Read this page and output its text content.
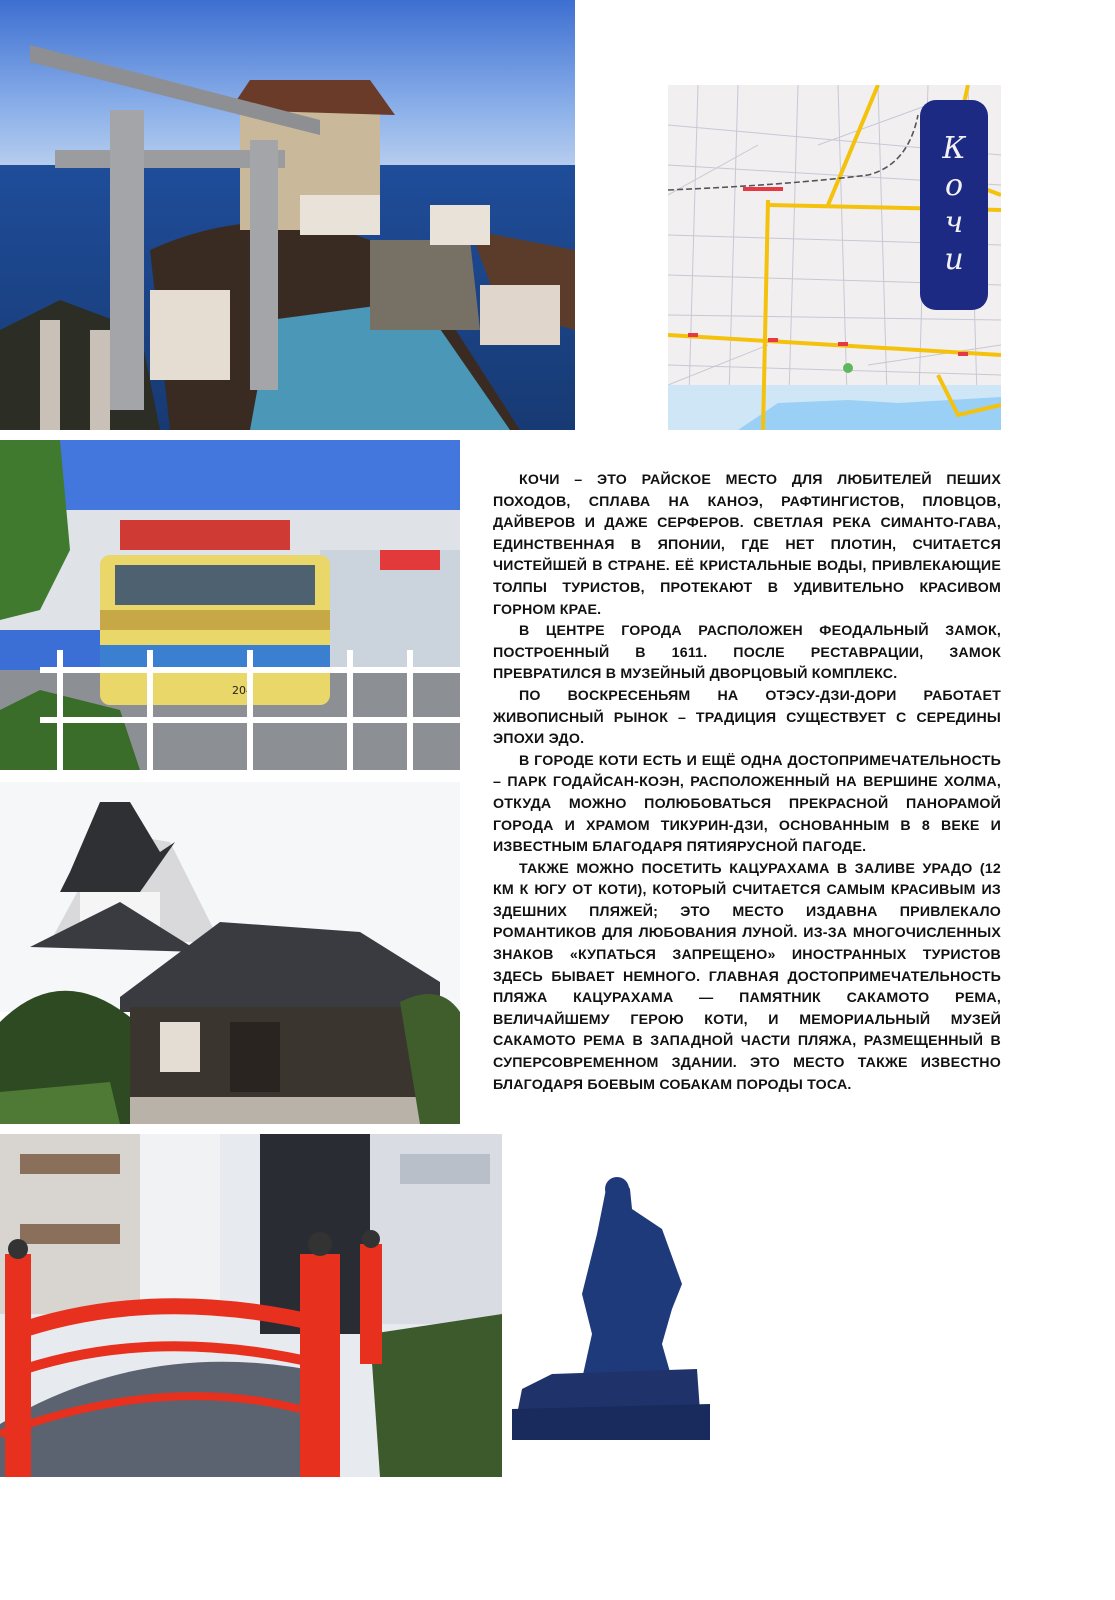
Кочи
204

КОЧИ – ЭТО РАЙСКОЕ МЕСТО ДЛЯ ЛЮБИТЕЛЕЙ ПЕШИХ ПОХОДОВ, СПЛАВА НА КАНОЭ, РАФТИНГИСТОВ, ПЛОВЦОВ, ДАЙВЕРОВ И ДАЖЕ СЕРФЕРОВ. СВЕТЛАЯ РЕКА СИМАНТО-ГАВА, ЕДИНСТВЕННАЯ В ЯПОНИИ, ГДЕ НЕТ ПЛОТИН, СЧИТАЕТСЯ ЧИСТЕЙШЕЙ В СТРАНЕ. ЕЁ КРИСТАЛЬНЫЕ ВОДЫ, ПРИВЛЕКАЮЩИЕ ТОЛПЫ ТУРИСТОВ, ПРОТЕКАЮТ В УДИВИТЕЛЬНО КРАСИВОМ ГОРНОМ КРАЕ.

В ЦЕНТРЕ ГОРОДА РАСПОЛОЖЕН ФЕОДАЛЬНЫЙ ЗАМОК, ПОСТРОЕННЫЙ В 1611. ПОСЛЕ РЕСТАВРАЦИИ, ЗАМОК ПРЕВРАТИЛСЯ В МУЗЕЙНЫЙ ДВОРЦОВЫЙ КОМПЛЕКС.

ПО ВОСКРЕСЕНЬЯМ НА ОТЭСУ-ДЗИ-ДОРИ РАБОТАЕТ ЖИВОПИСНЫЙ РЫНОК – ТРАДИЦИЯ СУЩЕСТВУЕТ С СЕРЕДИНЫ ЭПОХИ ЭДО.

В ГОРОДЕ КОТИ ЕСТЬ И ЕЩЁ ОДНА ДОСТОПРИМЕЧАТЕЛЬНОСТЬ – ПАРК ГОДАЙСАН-КОЭН, РАСПОЛОЖЕННЫЙ НА ВЕРШИНЕ ХОЛМА, ОТКУДА МОЖНО ПОЛЮБОВАТЬСЯ ПРЕКРАСНОЙ ПАНОРАМОЙ ГОРОДА И ХРАМОМ ТИКУРИН-ДЗИ, ОСНОВАННЫМ В 8 ВЕКЕ И ИЗВЕСТНЫМ БЛАГОДАРЯ ПЯТИЯРУСНОЙ ПАГОДЕ.

ТАКЖЕ МОЖНО ПОСЕТИТЬ КАЦУРАХАМА В ЗАЛИВЕ УРАДО (12 КМ К ЮГУ ОТ КОТИ), КОТОРЫЙ СЧИТАЕТСЯ САМЫМ КРАСИВЫМ ИЗ ЗДЕШНИХ ПЛЯЖЕЙ; ЭТО МЕСТО ИЗДАВНА ПРИВЛЕКАЛО РОМАНТИКОВ ДЛЯ ЛЮБОВАНИЯ ЛУНОЙ. ИЗ-ЗА МНОГОЧИСЛЕННЫХ ЗНАКОВ «КУПАТЬСЯ ЗАПРЕЩЕНО» ИНОСТРАННЫХ ТУРИСТОВ ЗДЕСЬ БЫВАЕТ НЕМНОГО. ГЛАВНАЯ ДОСТОПРИМЕЧАТЕЛЬНОСТЬ ПЛЯЖА КАЦУРАХАМА — ПАМЯТНИК САКАМОТО РЕМА, ВЕЛИЧАЙШЕМУ ГЕРОЮ КОТИ, И МЕМОРИАЛЬНЫЙ МУЗЕЙ САКАМОТО РЕМА В ЗАПАДНОЙ ЧАСТИ ПЛЯЖА, РАЗМЕЩЕННЫЙ В СУПЕРСОВРЕМЕННОМ ЗДАНИИ. ЭТО МЕСТО ТАКЖЕ ИЗВЕСТНО БЛАГОДАРЯ БОЕВЫМ СОБАКАМ ПОРОДЫ ТОСА.
